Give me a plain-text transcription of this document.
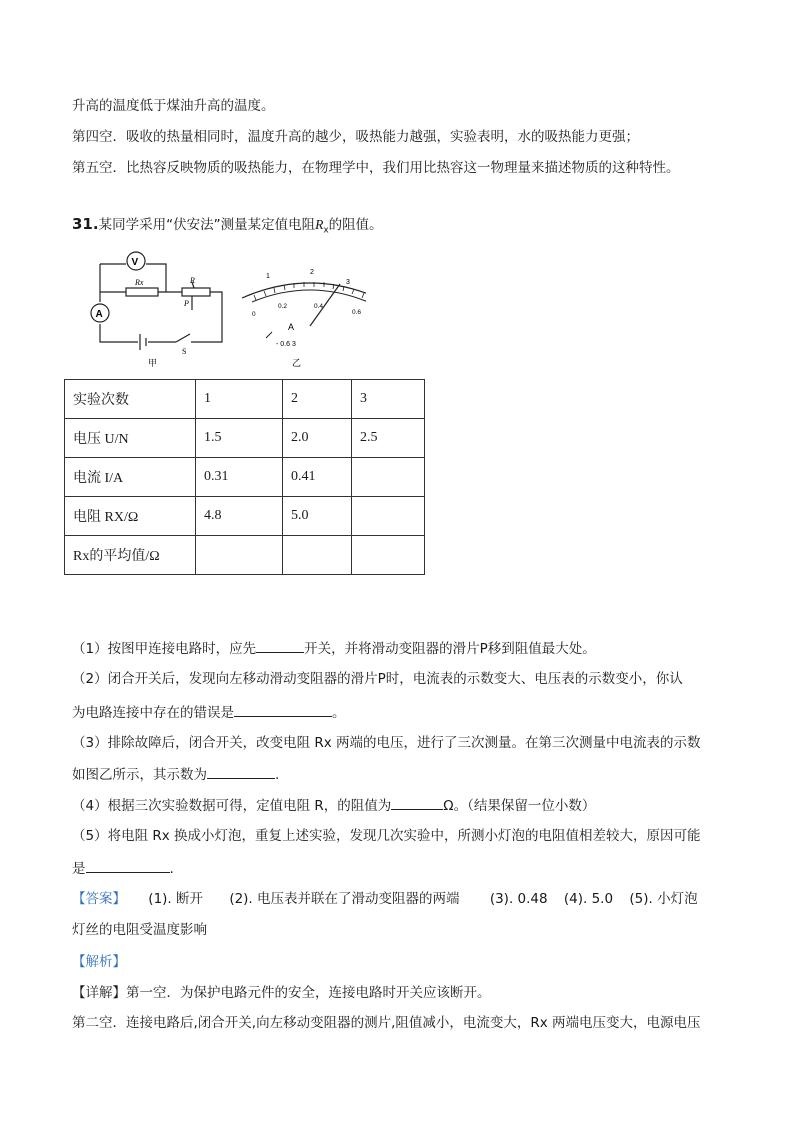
升高的温度低于煤油升高的温度。
第四空．吸收的热量相同时，温度升高的越少，吸热能力越强，实验表明，水的吸热能力更强；
第五空．比热容反映物质的吸热能力，在物理学中，我们用比热容这一物理量来描述物质的这种特性。
31.某同学采用“伏安法”测量某定值电阻$R_x$的阻值。
V
A
Rx	R
P
S
甲
1
2
3
0
0.2	0.4
0.6
A
- 0.6 3
乙
实验次数	1	2	3
电压 U/N	1.5	2.0	2.5
电流 I/A	0.31	0.41	
电阻 RX/Ω	4.8	5.0	
Rx的平均值/Ω			
（1）按图甲连接电路时，应先	开关，并将滑动变阻器的滑片P移到阻值最大处。
（2）闭合开关后，发现向左移动滑动变阻器的滑片P时，电流表的示数变大、电压表的示数变小，你认
为电路连接中存在的错误是	。
（3）排除故障后，闭合开关，改变电阻 Rx 两端的电压，进行了三次测量。在第三次测量中电流表的示数
如图乙所示，其示数为	.
（4）根据三次实验数据可得，定值电阻 R，的阻值为	Ω。（结果保留一位小数）
（5）将电阻 Rx 换成小灯泡，重复上述实验，发现几次实验中，所测小灯泡的电阻值相差较大，原因可能
是	.
【答案】 (1). 断开 (2). 电压表并联在了滑动变阻器的两端 (3). 0.48 (4). 5.0 (5). 小灯泡
灯丝的电阻受温度影响
【解析】
【详解】第一空．为保护电路元件的安全，连接电路时开关应该断开。
第二空．连接电路后,闭合开关,向左移动变阻器的测片,阻值减小，电流变大，Rx 两端电压变大，电源电压
